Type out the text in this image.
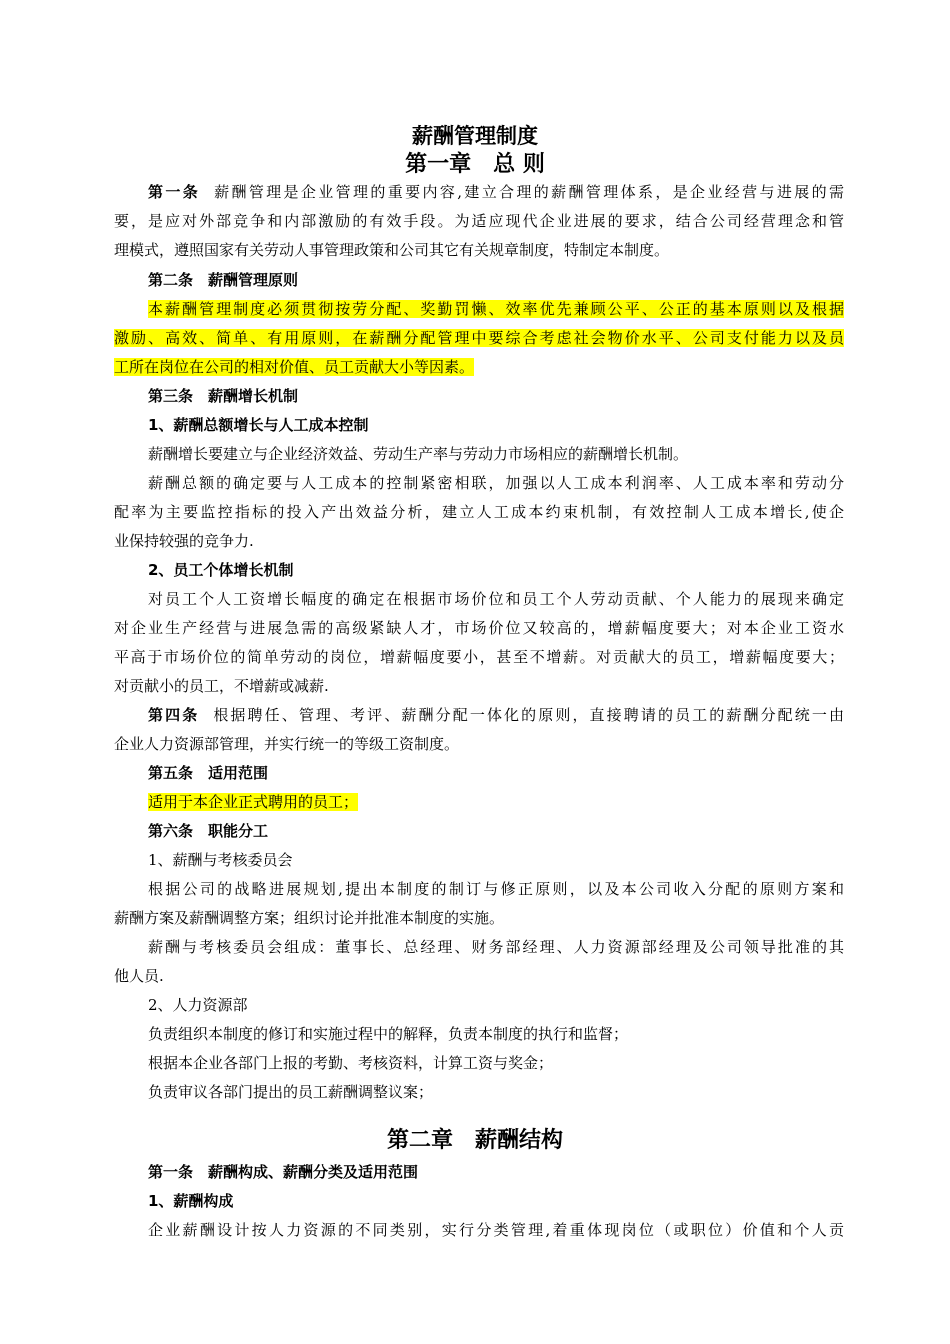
薪酬管理制度
第一章　总 则
第一条 薪酬管理是企业管理的重要内容,建立合理的薪酬管理体系，是企业经营与进展的需
要，是应对外部竞争和内部激励的有效手段。为适应现代企业进展的要求，结合公司经营理念和管
理模式，遵照国家有关劳动人事管理政策和公司其它有关规章制度，特制定本制度。
第二条　薪酬管理原则
本薪酬管理制度必须贯彻按劳分配、奖勤罚懒、效率优先兼顾公平、公正的基本原则以及根据
激励、高效、简单、有用原则，在薪酬分配管理中要综合考虑社会物价水平、公司支付能力以及员
工所在岗位在公司的相对价值、员工贡献大小等因素。
第三条　薪酬增长机制
1、薪酬总额增长与人工成本控制
薪酬增长要建立与企业经济效益、劳动生产率与劳动力市场相应的薪酬增长机制。
薪酬总额的确定要与人工成本的控制紧密相联，加强以人工成本利润率、人工成本率和劳动分
配率为主要监控指标的投入产出效益分析，建立人工成本约束机制，有效控制人工成本增长,使企
业保持较强的竞争力.
2、员工个体增长机制
对员工个人工资增长幅度的确定在根据市场价位和员工个人劳动贡献、个人能力的展现来确定
对企业生产经营与进展急需的高级紧缺人才，市场价位又较高的，增薪幅度要大；对本企业工资水
平高于市场价位的简单劳动的岗位，增薪幅度要小，甚至不增薪。对贡献大的员工，增薪幅度要大；
对贡献小的员工，不增薪或减薪.
第四条 根据聘任、管理、考评、薪酬分配一体化的原则，直接聘请的员工的薪酬分配统一由
企业人力资源部管理，并实行统一的等级工资制度。
第五条　适用范围
适用于本企业正式聘用的员工；
第六条　职能分工
1、薪酬与考核委员会
根据公司的战略进展规划,提出本制度的制订与修正原则，以及本公司收入分配的原则方案和
薪酬方案及薪酬调整方案；组织讨论并批准本制度的实施。
薪酬与考核委员会组成：董事长、总经理、财务部经理、人力资源部经理及公司领导批准的其
他人员.
2、人力资源部
负责组织本制度的修订和实施过程中的解释，负责本制度的执行和监督；
根据本企业各部门上报的考勤、考核资料，计算工资与奖金；
负责审议各部门提出的员工薪酬调整议案；
第二章　薪酬结构
第一条　薪酬构成、薪酬分类及适用范围
1、薪酬构成
企业薪酬设计按人力资源的不同类别，实行分类管理,着重体现岗位（或职位）价值和个人贡
